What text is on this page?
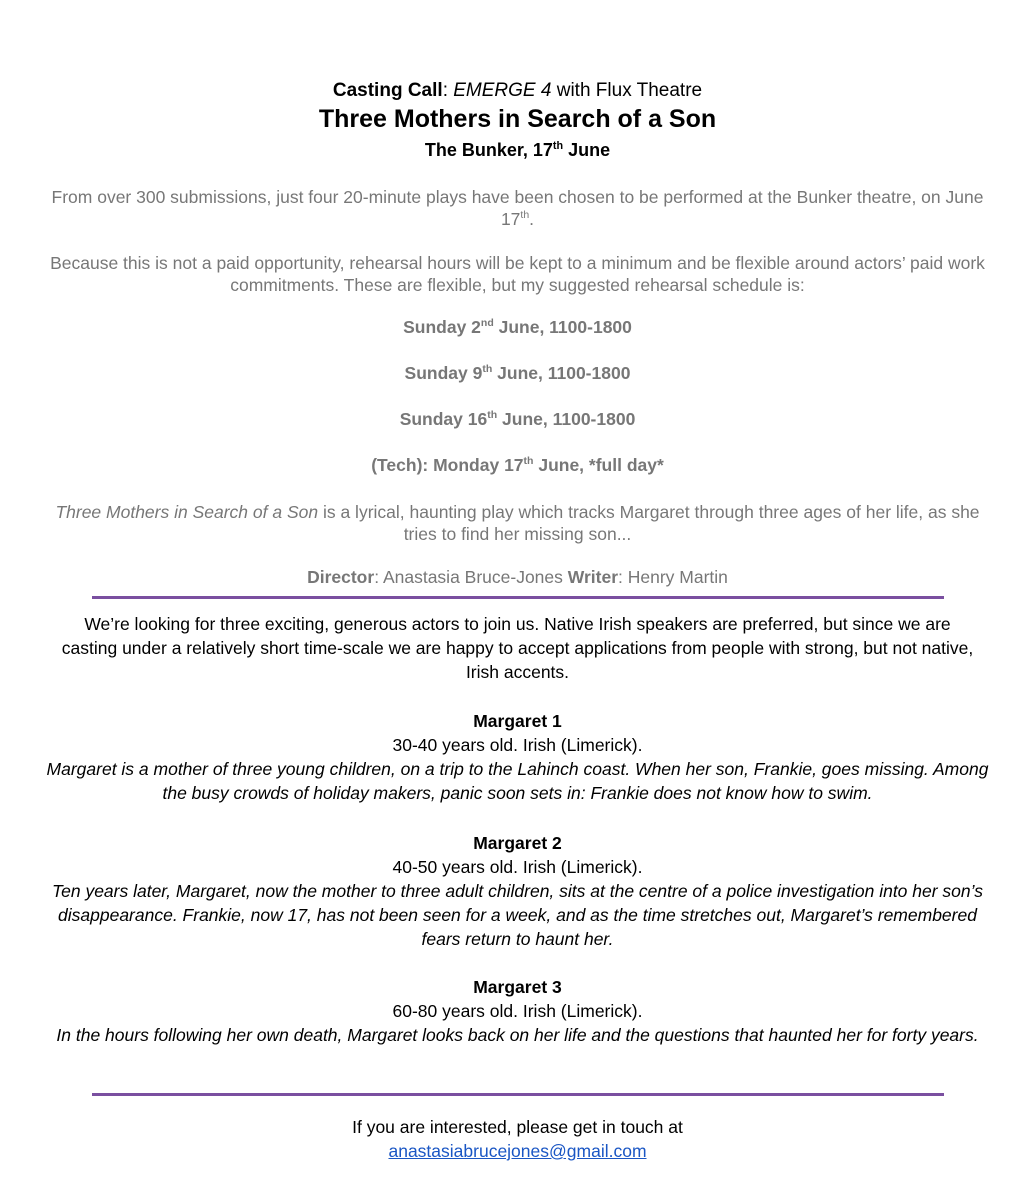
Casting Call: EMERGE 4 with Flux Theatre
Three Mothers in Search of a Son
The Bunker, 17th June
From over 300 submissions, just four 20-minute plays have been chosen to be performed at the Bunker theatre, on June 17th.
Because this is not a paid opportunity, rehearsal hours will be kept to a minimum and be flexible around actors’ paid work commitments. These are flexible, but my suggested rehearsal schedule is:
Sunday 2nd June, 1100-1800
Sunday 9th June, 1100-1800
Sunday 16th June, 1100-1800
(Tech): Monday 17th June, *full day*
Three Mothers in Search of a Son is a lyrical, haunting play which tracks Margaret through three ages of her life, as she tries to find her missing son...
Director: Anastasia Bruce-Jones Writer: Henry Martin
We’re looking for three exciting, generous actors to join us. Native Irish speakers are preferred, but since we are casting under a relatively short time-scale we are happy to accept applications from people with strong, but not native, Irish accents.
Margaret 1
30-40 years old. Irish (Limerick).
Margaret is a mother of three young children, on a trip to the Lahinch coast. When her son, Frankie, goes missing. Among the busy crowds of holiday makers, panic soon sets in: Frankie does not know how to swim.
Margaret 2
40-50 years old. Irish (Limerick).
Ten years later, Margaret, now the mother to three adult children, sits at the centre of a police investigation into her son’s disappearance. Frankie, now 17, has not been seen for a week, and as the time stretches out, Margaret’s remembered fears return to haunt her.
Margaret 3
60-80 years old. Irish (Limerick).
In the hours following her own death, Margaret looks back on her life and the questions that haunted her for forty years.
If you are interested, please get in touch at
anastasiabrucejones@gmail.com
